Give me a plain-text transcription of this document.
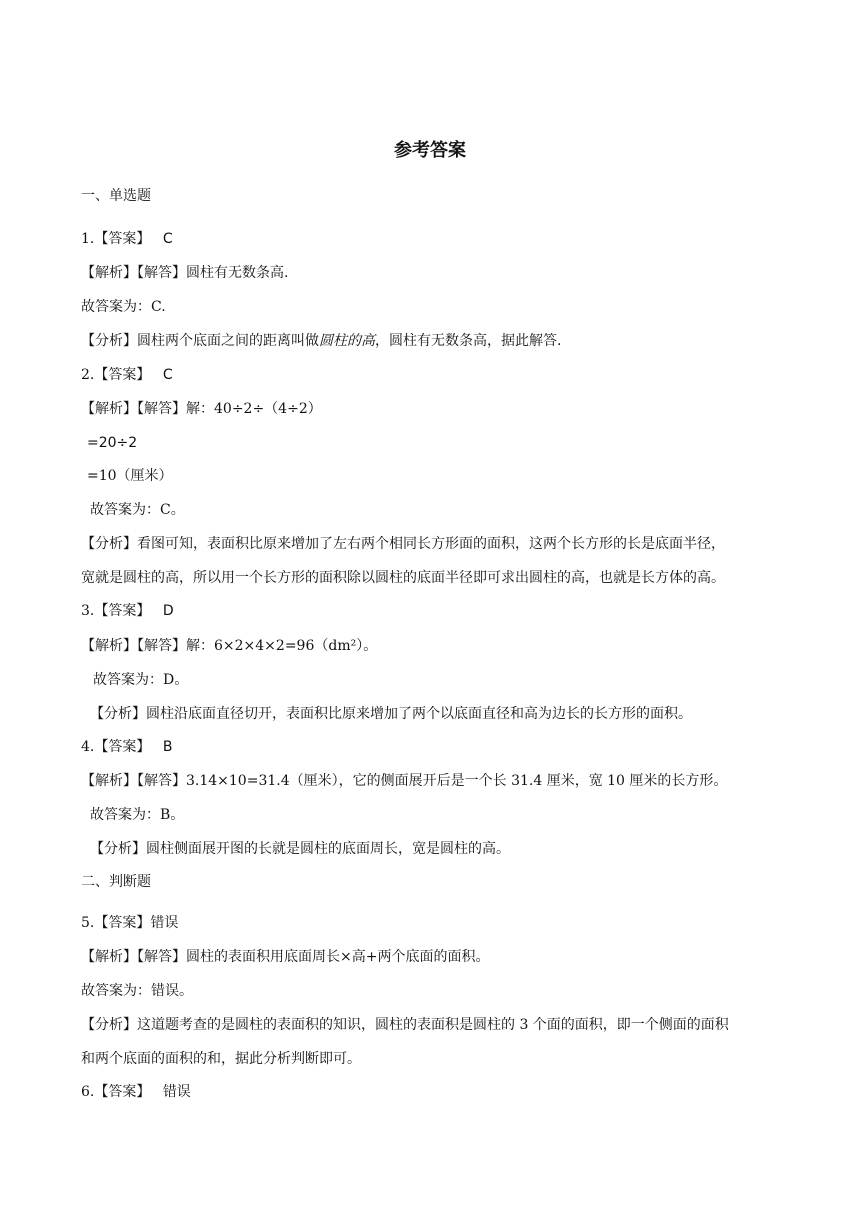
参考答案
一、单选题
1.【答案】 C
【解析】【解答】圆柱有无数条高.
故答案为：C.
【分析】圆柱两个底面之间的距离叫做圆柱的高，圆柱有无数条高，据此解答.
2.【答案】 C
【解析】【解答】解：40÷2÷（4÷2）
=20÷2
=10（厘米）
故答案为：C。
【分析】看图可知，表面积比原来增加了左右两个相同长方形面的面积，这两个长方形的长是底面半径，
宽就是圆柱的高，所以用一个长方形的面积除以圆柱的底面半径即可求出圆柱的高，也就是长方体的高。
3.【答案】 D
【解析】【解答】解：6×2×4×2=96（dm²）。
故答案为：D。
【分析】圆柱沿底面直径切开，表面积比原来增加了两个以底面直径和高为边长的长方形的面积。
4.【答案】 B
【解析】【解答】3.14×10=31.4（厘米），它的侧面展开后是一个长 31.4 厘米，宽 10 厘米的长方形。
故答案为：B。
【分析】圆柱侧面展开图的长就是圆柱的底面周长，宽是圆柱的高。
二、判断题
5.【答案】错误
【解析】【解答】圆柱的表面积用底面周长×高+两个底面的面积。
故答案为：错误。
【分析】这道题考查的是圆柱的表面积的知识，圆柱的表面积是圆柱的 3 个面的面积，即一个侧面的面积
和两个底面的面积的和，据此分析判断即可。
6.【答案】 错误
